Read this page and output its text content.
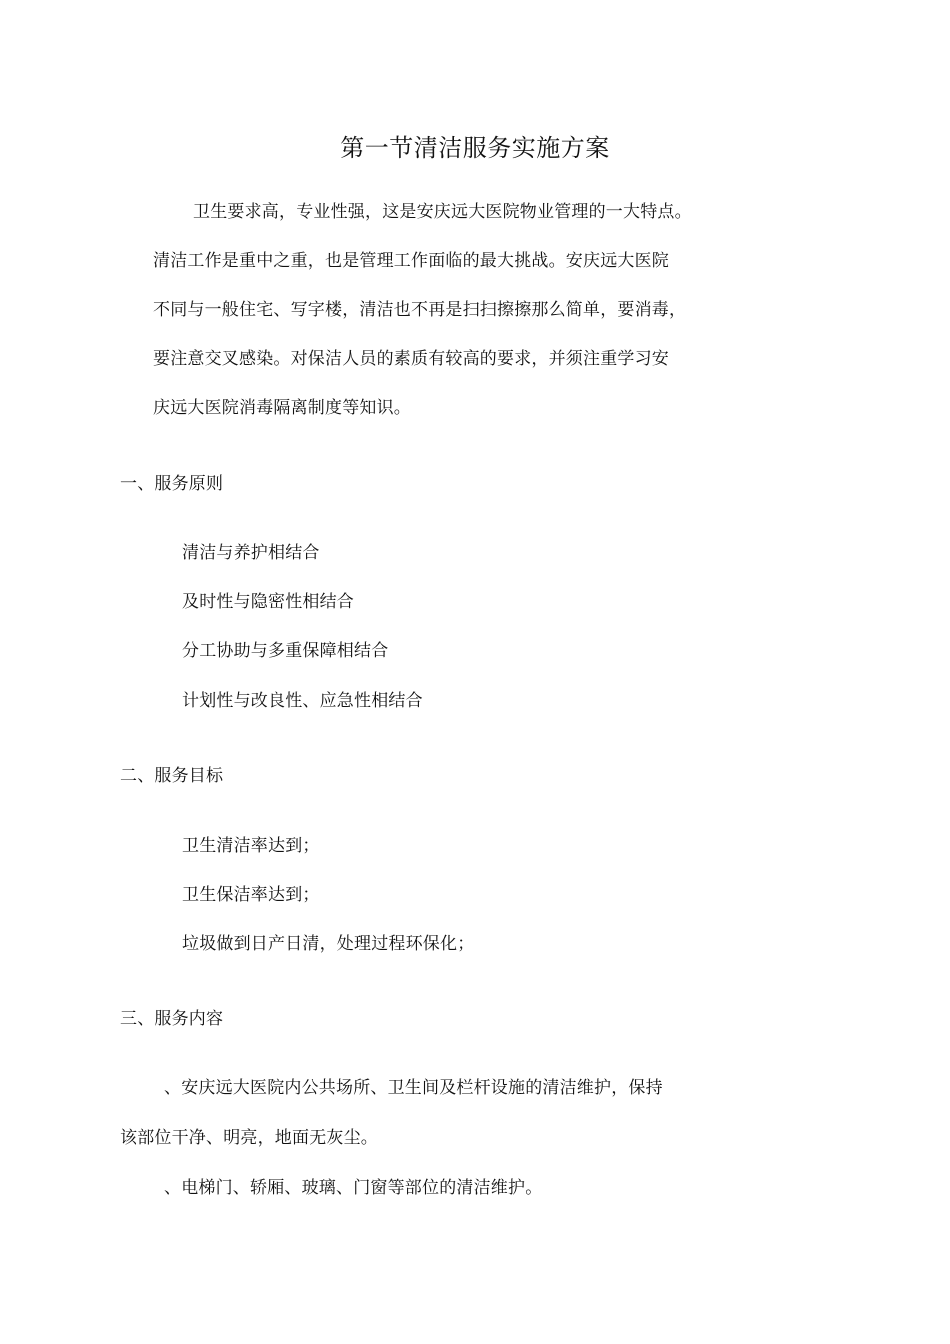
第一节清洁服务实施方案
卫生要求高，专业性强，这是安庆远大医院物业管理的一大特点。
清洁工作是重中之重，也是管理工作面临的最大挑战。安庆远大医院
不同与一般住宅、写字楼，清洁也不再是扫扫擦擦那么简单，要消毒，
要注意交叉感染。对保洁人员的素质有较高的要求，并须注重学习安
庆远大医院消毒隔离制度等知识。
一、服务原则
清洁与养护相结合
及时性与隐密性相结合
分工协助与多重保障相结合
计划性与改良性、应急性相结合
二、服务目标
卫生清洁率达到；
卫生保洁率达到；
垃圾做到日产日清，处理过程环保化；
三、服务内容
、安庆远大医院内公共场所、卫生间及栏杆设施的清洁维护，保持
该部位干净、明亮，地面无灰尘。
、电梯门、轿厢、玻璃、门窗等部位的清洁维护。
